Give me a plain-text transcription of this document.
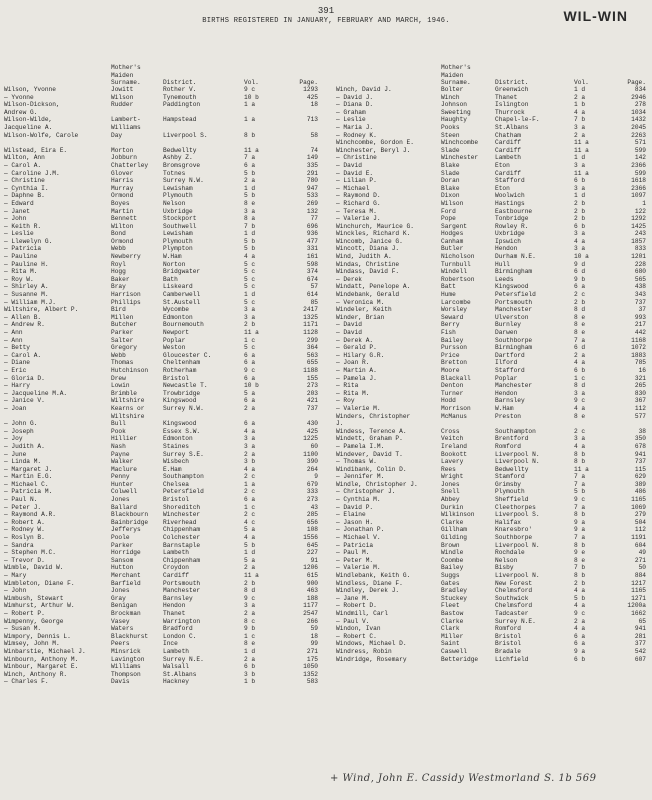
391
BIRTHS REGISTERED IN JANUARY, FEBRUARY AND MARCH, 1946.	WIL-WIN
Mother's Maiden Surname.	District.	Vol.	Page.
Wilson, Yvonne	Jowitt	Rother V.	9 c	1293
— Yvonne	Wilson	Tynemouth	10 b	425
Wilson-Dickson,	Rudder	Paddington	1 a	18
Andrew G.
Wilson-Wilde,	Lambert-	Hampstead	1 a	713
Jacqueline A.	Williams
Wilson-Wolfe, Carole	Day	Liverpool S.	8 b	58
Wilstead, Eira E.	Morton	Bedwellty	11 a	74
Wilton, Ann	Jobburn	Ashby Z.	7 a	149
— Carol A.	Chatterley	Bromsgrove	6 a	335
— Caroline J.M.	Glover	Totnes	5 b	291
— Christine	Harris	Surrey N.W.	2 a	780
— Cynthia I.	Murray	Lewisham	1 d	947
— Daphne B.	Ormond	Plymouth	5 b	533
— Edward	Boyes	Nelson	8 e	269
— Janet	Martin	Uxbridge	3 a	132
— John	Bennett	Stockport	8 a	77
— Keith R.	Wilton	Southwell	7 b	696
— Leslie	Bond	Lewisham	1 d	936
— Llewelyn G.	Ormond	Plymouth	5 b	477
— Patricia	Webb	Plympton	5 b	331
— Pauline	Newberry	W.Ham	4 a	161
— Pauline H.	Royl	Norton	5 c	598
— Rita M.	Hogg	Bridgwater	5 c	374
— Roy W.	Baker	Bath	5 c	674
— Shirley A.	Bray	Liskeard	5 c	57
— Susanne M.	Harrison	Camberwell	1 d	614
— William M.J.	Phillips	St.Austell	5 c	85
Wiltshire, Albert P.	Bird	Wycombe	3 a	2417
— Allen B.	Millen	Edmonton	3 a	1325
— Andrew R.	Butcher	Bournemouth	2 b	1171
— Ann	Parker	Newport	11 a	1128
— Ann	Salter	Poplar	1 c	299
— Betty	Gregory	Weston	5 c	364
— Carol A.	Webb	Gloucester C.	6 a	563
— Diane	Thomas	Cheltenham	6 a	655
— Eric	Hutchinson	Rotherham	9 c	1188
— Gloria D.	Drew	Bristol	6 a	155
— Harry	Lowin	Newcastle T.	10 b	273
— Jacqueline M.A.	Brimble	Trowbridge	5 a	203
— Janice V.	Wiltshire	Kingswood	6 a	421
— Joan	Kearns or	Surrey N.W.	2 a	737
Wiltshire
— John G.	Bull	Kingswood	6 a	430
— Joseph	Pook	Essex S.W.	4 a	425
— Joy	Hillier	Edmonton	3 a	1225
— Judith A.	Nash	Staines	3 a	60
— June	Payne	Surrey S.E.	2 a	1100
— Linda M.	Walker	Wisbech	3 b	390
— Margaret J.	Maclure	E.Ham	4 a	264
— Martin E.G.	Penny	Southampton	2 c	9
— Michael C.	Hunter	Chelsea	1 a	679
— Patricia M.	Colwell	Petersfield	2 c	333
— Paul N.	Jones	Bristol	6 a	273
— Peter J.	Ballard	Shoreditch	1 c	43
— Raymond A.R.	Blackbourn	Winchester	2 c	285
— Robert A.	Bainbridge	Riverhead	4 c	656
— Rodney W.	Jefferys	Chippenham	5 a	108
— Roslyn B.	Poole	Colchester	4 a	1556
— Sandra	Parker	Barnstaple	5 b	645
— Stephen M.C.	Horridge	Lambeth	1 d	227
— Trevor D.	Sansom	Chippenham	5 a	91
Wimble, David W.	Hutton	Croydon	2 a	1206
— Mary	Merchant	Cardiff	11 a	615
Wimbleton, Diane F.	Barfield	Portsmouth	2 b	900
— John	Jones	Manchester	8 d	463
Wimbush, Stewart	Gray	Barnsley	9 c	188
Wimhurst, Arthur W.	Benigan	Hendon	3 a	1177
— Robert P.	Brockman	Thanet	2 a	2547
Wimpenny, George	Vasey	Warrington	8 c	266
— Susan M.	Waters	Bradford	9 b	59
Wimpory, Dennis L.	Blackhurst	London C.	1 c	18
Wimsey, John M.	Peers	Ince	8 e	99
Winbarstie, Michael J.	Minsrick	Lambeth	1 d	271
Winbourn, Anthony M.	Lavington	Surrey N.E.	2 a	175
Winbour, Margaret E.	Williams	Walsall	6 b	1050
Winch, Anthony R.	Thompson	St.Albans	3 b	1352
— Charles F.	Davis	Hackney	1 b	583
Mother's Maiden Surname.	District.	Vol.	Page.
Winch, David J.	Bolter	Greenwich	1 d	834
— David J.	Winch	Thanet	2 a	2946
— Diana D.	Johnson	Islington	1 b	278
— Graham	Sweeting	Thurrock	4 a	1034
— Leslie	Haughty	Chapel-le-F.	7 b	1432
— Maria J.	Pooks	St.Albans	3 a	2045
— Rodney K.	Steen	Chatham	2 a	2263
Winchcombe, Gordon E.	Winchcombe	Cardiff	11 a	571
Winchester, Beryl J.	Slade	Cardiff	11 a	599
— Christine	Winchester	Lambeth	1 d	142
— David	Blake	Eton	3 a	2366
— David E.	Slade	Cardiff	11 a	599
— Lilian P.	Doran	Stafford	6 b	1618
— Michael	Blake	Eton	3 a	2366
— Raymond D.	Dixon	Woolwich	1 d	1097
— Richard G.	Wilson	Hastings	2 b	1
— Teresa M.	Ford	Eastbourne	2 b	122
— Valerie J.	Pope	Tonbridge	2 b	1292
Winchurch, Maurice G.	Sargent	Rowley R.	6 b	1425
Winckles, Richard K.	Hodges	Uxbridge	3 a	243
Wincomb, Janice G.	Canham	Ipswich	4 a	1857
Wincott, Diana J.	Butler	Hendon	3 a	833
Wind, Judith A.	Nicholson	Durham N.E.	10 a	1201
Windas, Christine	Turnbull	Hull	9 d	228
Windass, David F.	Windell	Birmingham	6 d	680
— Derek	Robertson	Leeds	9 b	565
Windatt, Penelope A.	Batt	Kingswood	6 a	438
Windebank, Gerald	Hume	Petersfield	2 c	343
— Veronica M.	Larcombe	Portsmouth	2 b	737
Windeler, Keith	Worsley	Manchester	8 d	37
Winder, Brian	Seward	Ulverston	8 e	993
— David	Berry	Burnley	8 e	217
— David	Fish	Darwen	8 e	442
— Derek A.	Bailey	Southborpe	7 a	1168
— Gerald P.	Pursson	Birmingham	6 d	1072
— Hilary G.R.	Price	Dartford	2 a	1883
— Joan R.	Bretton	Ilford	4 a	785
— Martin A.	Moore	Stafford	6 b	16
— Pamela J.	Blackall	Poplar	1 c	321
— Rita	Denton	Manchester	8 d	265
— Rita M.	Turner	Hendon	3 a	830
— Roy	Hodd	Barnsley	9 c	367
— Valerie M.	Morrison	W.Ham	4 a	112
Winders, Christopher	McManus	Preston	8 e	577
J.
Windess, Terence A.	Cross	Southampton	2 c	38
Windett, Graham P.	Veitch	Brentford	3 a	350
— Pamela I.M.	Ireland	Romford	4 a	678
Windever, David T.	Bookott	Liverpool N.	8 b	941
— Thomas W.	Lavery	Liverpool N.	8 b	737
Windibank, Colin D.	Rees	Bedwellty	11 a	115
— Jennifer M.	Wright	Stamford	7 a	629
Windle, Christopher J.	Jones	Grimsby	7 a	389
— Christopher J.	Snell	Plymouth	5 b	486
— Cynthia M.	Abbey	Sheffield	9 c	1165
— David P.	Durkin	Cleethorpes	7 a	1069
— Elaine	Wilkinson	Liverpool S.	8 b	279
— Jason H.	Clarke	Halifax	9 a	504
— Jonathan P.	Gillham	Knaresbro'	9 a	112
— Michael V.	Gilding	Southborpe	7 a	1191
— Patricia	Brown	Liverpool N.	8 b	604
— Paul M.	Windle	Rochdale	9 e	49
— Peter M.	Coombe	Nelson	8 e	271
— Valerie M.	Bailey	Bisby	7 b	50
Windlebank, Keith G.	Suggs	Liverpool N.	8 b	884
Windless, Diane F.	Gates	New Forest	2 b	1217
Windley, Derek J.	Bradley	Chelmsford	4 a	1165
— Jane M.	Stuckey	Southwick	5 b	1271
— Robert D.	Fleet	Chelmsford	4 a	1200a
Windmill, Carl	Bastow	Tadcaster	9 c	1662
— Paul V.	Clarke	Surrey N.E.	2 a	65
Windon, Ivan	Clark	Romford	4 a	941
— Robert C.	Miller	Bristol	6 a	281
Windows, Michael D.	Saint	Bristol	6 a	377
Windress, Robin	Caswell	Bradale	9 a	542
Windridge, Rosemary	Betteridge	Lichfield	6 b	607
+ Wind, John E. Cassidy Westmorland S. 1b 569
